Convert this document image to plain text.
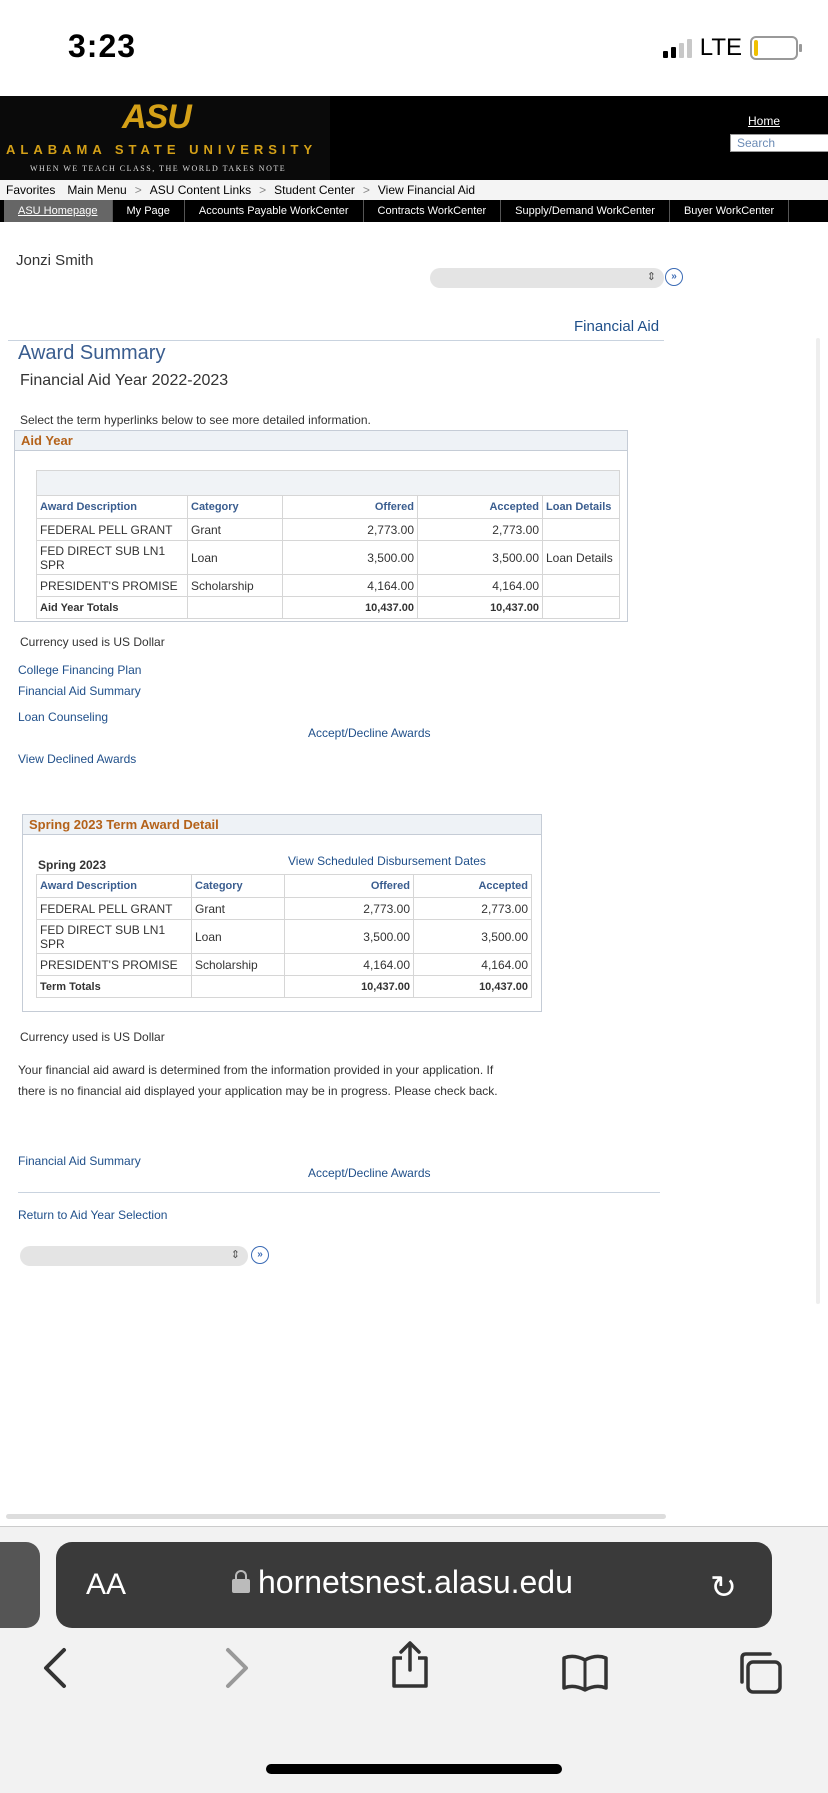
3:23	LTE
ASU
ALABAMA STATE UNIVERSITY
WHEN WE TEACH CLASS, THE WORLD TAKES NOTE
Home
Search
Favorites	Main Menu > ASU Content Links > Student Center > View Financial Aid
ASU Homepage	My Page	Accounts Payable WorkCenter	Contracts WorkCenter	Supply/Demand WorkCenter	Buyer WorkCenter
Jonzi Smith
⇕	»
Financial Aid
Award Summary
Financial Aid Year 2022-2023
Select the term hyperlinks below to see more detailed information.
Aid Year

Award Description	Category	Offered	Accepted	Loan Details
FEDERAL PELL GRANT	Grant	2,773.00	2,773.00	
FED DIRECT SUB LN1 SPR	Loan	3,500.00	3,500.00	Loan Details
PRESIDENT'S PROMISE	Scholarship	4,164.00	4,164.00	
Aid Year Totals		10,437.00	10,437.00	
Currency used is US Dollar
College Financing Plan
Financial Aid Summary
Loan Counseling
Accept/Decline Awards
View Declined Awards
Spring 2023 Term Award Detail
View Scheduled Disbursement Dates
Spring 2023
Award Description	Category	Offered	Accepted
FEDERAL PELL GRANT	Grant	2,773.00	2,773.00
FED DIRECT SUB LN1 SPR	Loan	3,500.00	3,500.00
PRESIDENT'S PROMISE	Scholarship	4,164.00	4,164.00
Term Totals		10,437.00	10,437.00
Currency used is US Dollar
Your financial aid award is determined from the information provided in your application. If there is no financial aid displayed your application may be in progress. Please check back.
Financial Aid Summary
Accept/Decline Awards
Return to Aid Year Selection
⇕	»
AA	hornetsnest.alasu.edu	↻
